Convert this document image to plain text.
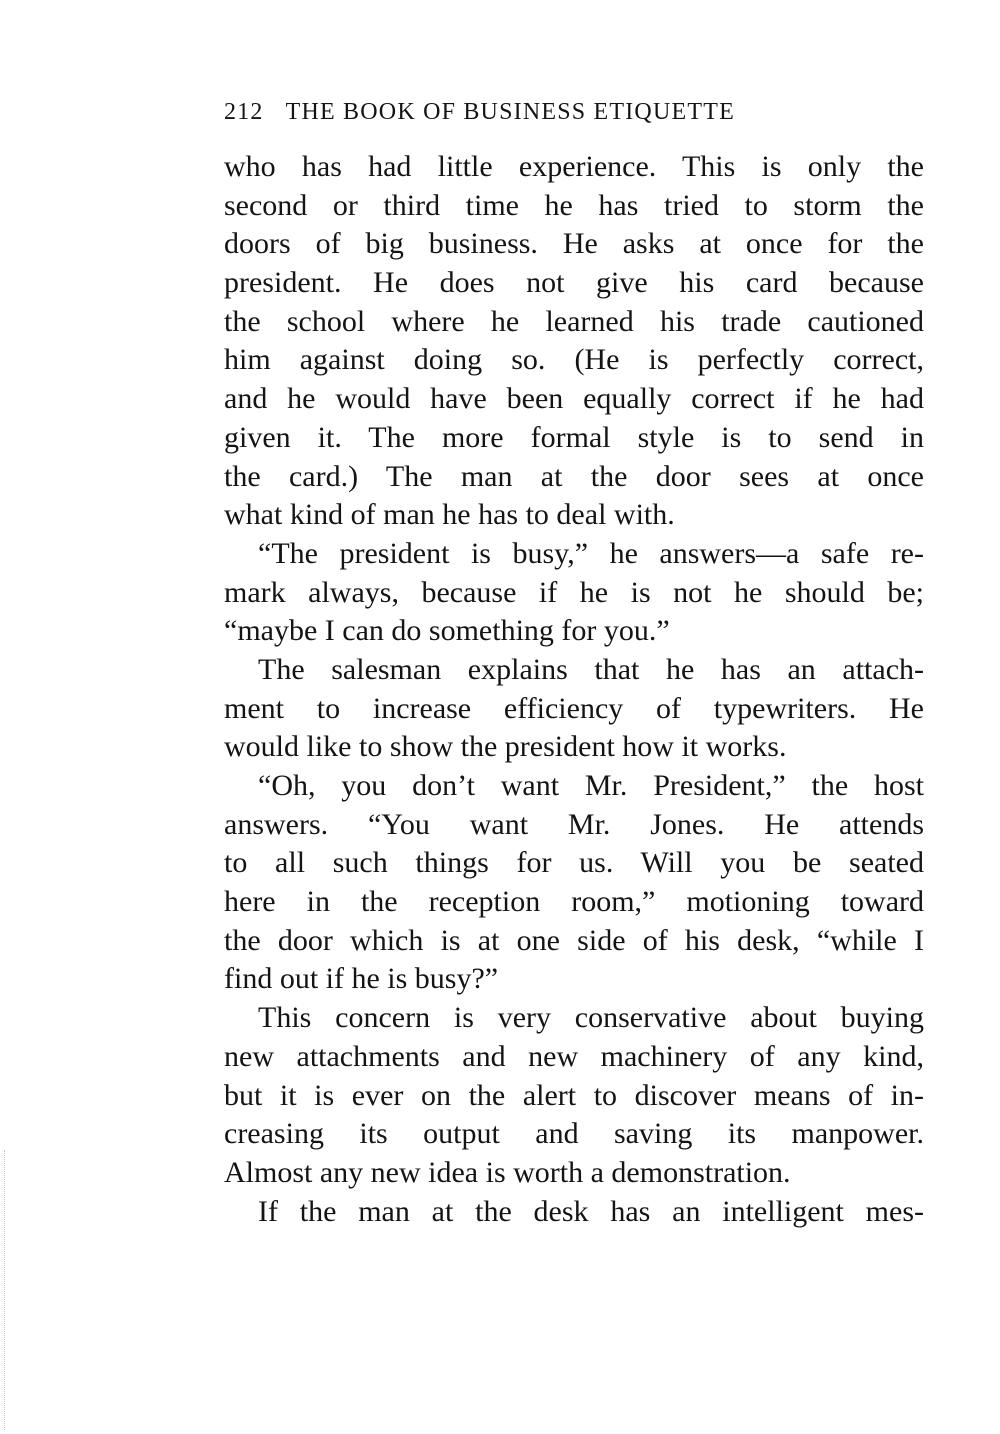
212 THE BOOK OF BUSINESS ETIQUETTE
who has had little experience. This is only the
second or third time he has tried to storm the
doors of big business. He asks at once for the
president. He does not give his card because
the school where he learned his trade cautioned
him against doing so. (He is perfectly correct,
and he would have been equally correct if he had
given it. The more formal style is to send in
the card.) The man at the door sees at once
what kind of man he has to deal with.
“The president is busy,” he answers—a safe re-
mark always, because if he is not he should be;
“maybe I can do something for you.”
The salesman explains that he has an attach-
ment to increase efficiency of typewriters. He
would like to show the president how it works.
“Oh, you don’t want Mr. President,” the host
answers. “You want Mr. Jones. He attends
to all such things for us. Will you be seated
here in the reception room,” motioning toward
the door which is at one side of his desk, “while I
find out if he is busy?”
This concern is very conservative about buying
new attachments and new machinery of any kind,
but it is ever on the alert to discover means of in-
creasing its output and saving its manpower.
Almost any new idea is worth a demonstration.
If the man at the desk has an intelligent mes-
